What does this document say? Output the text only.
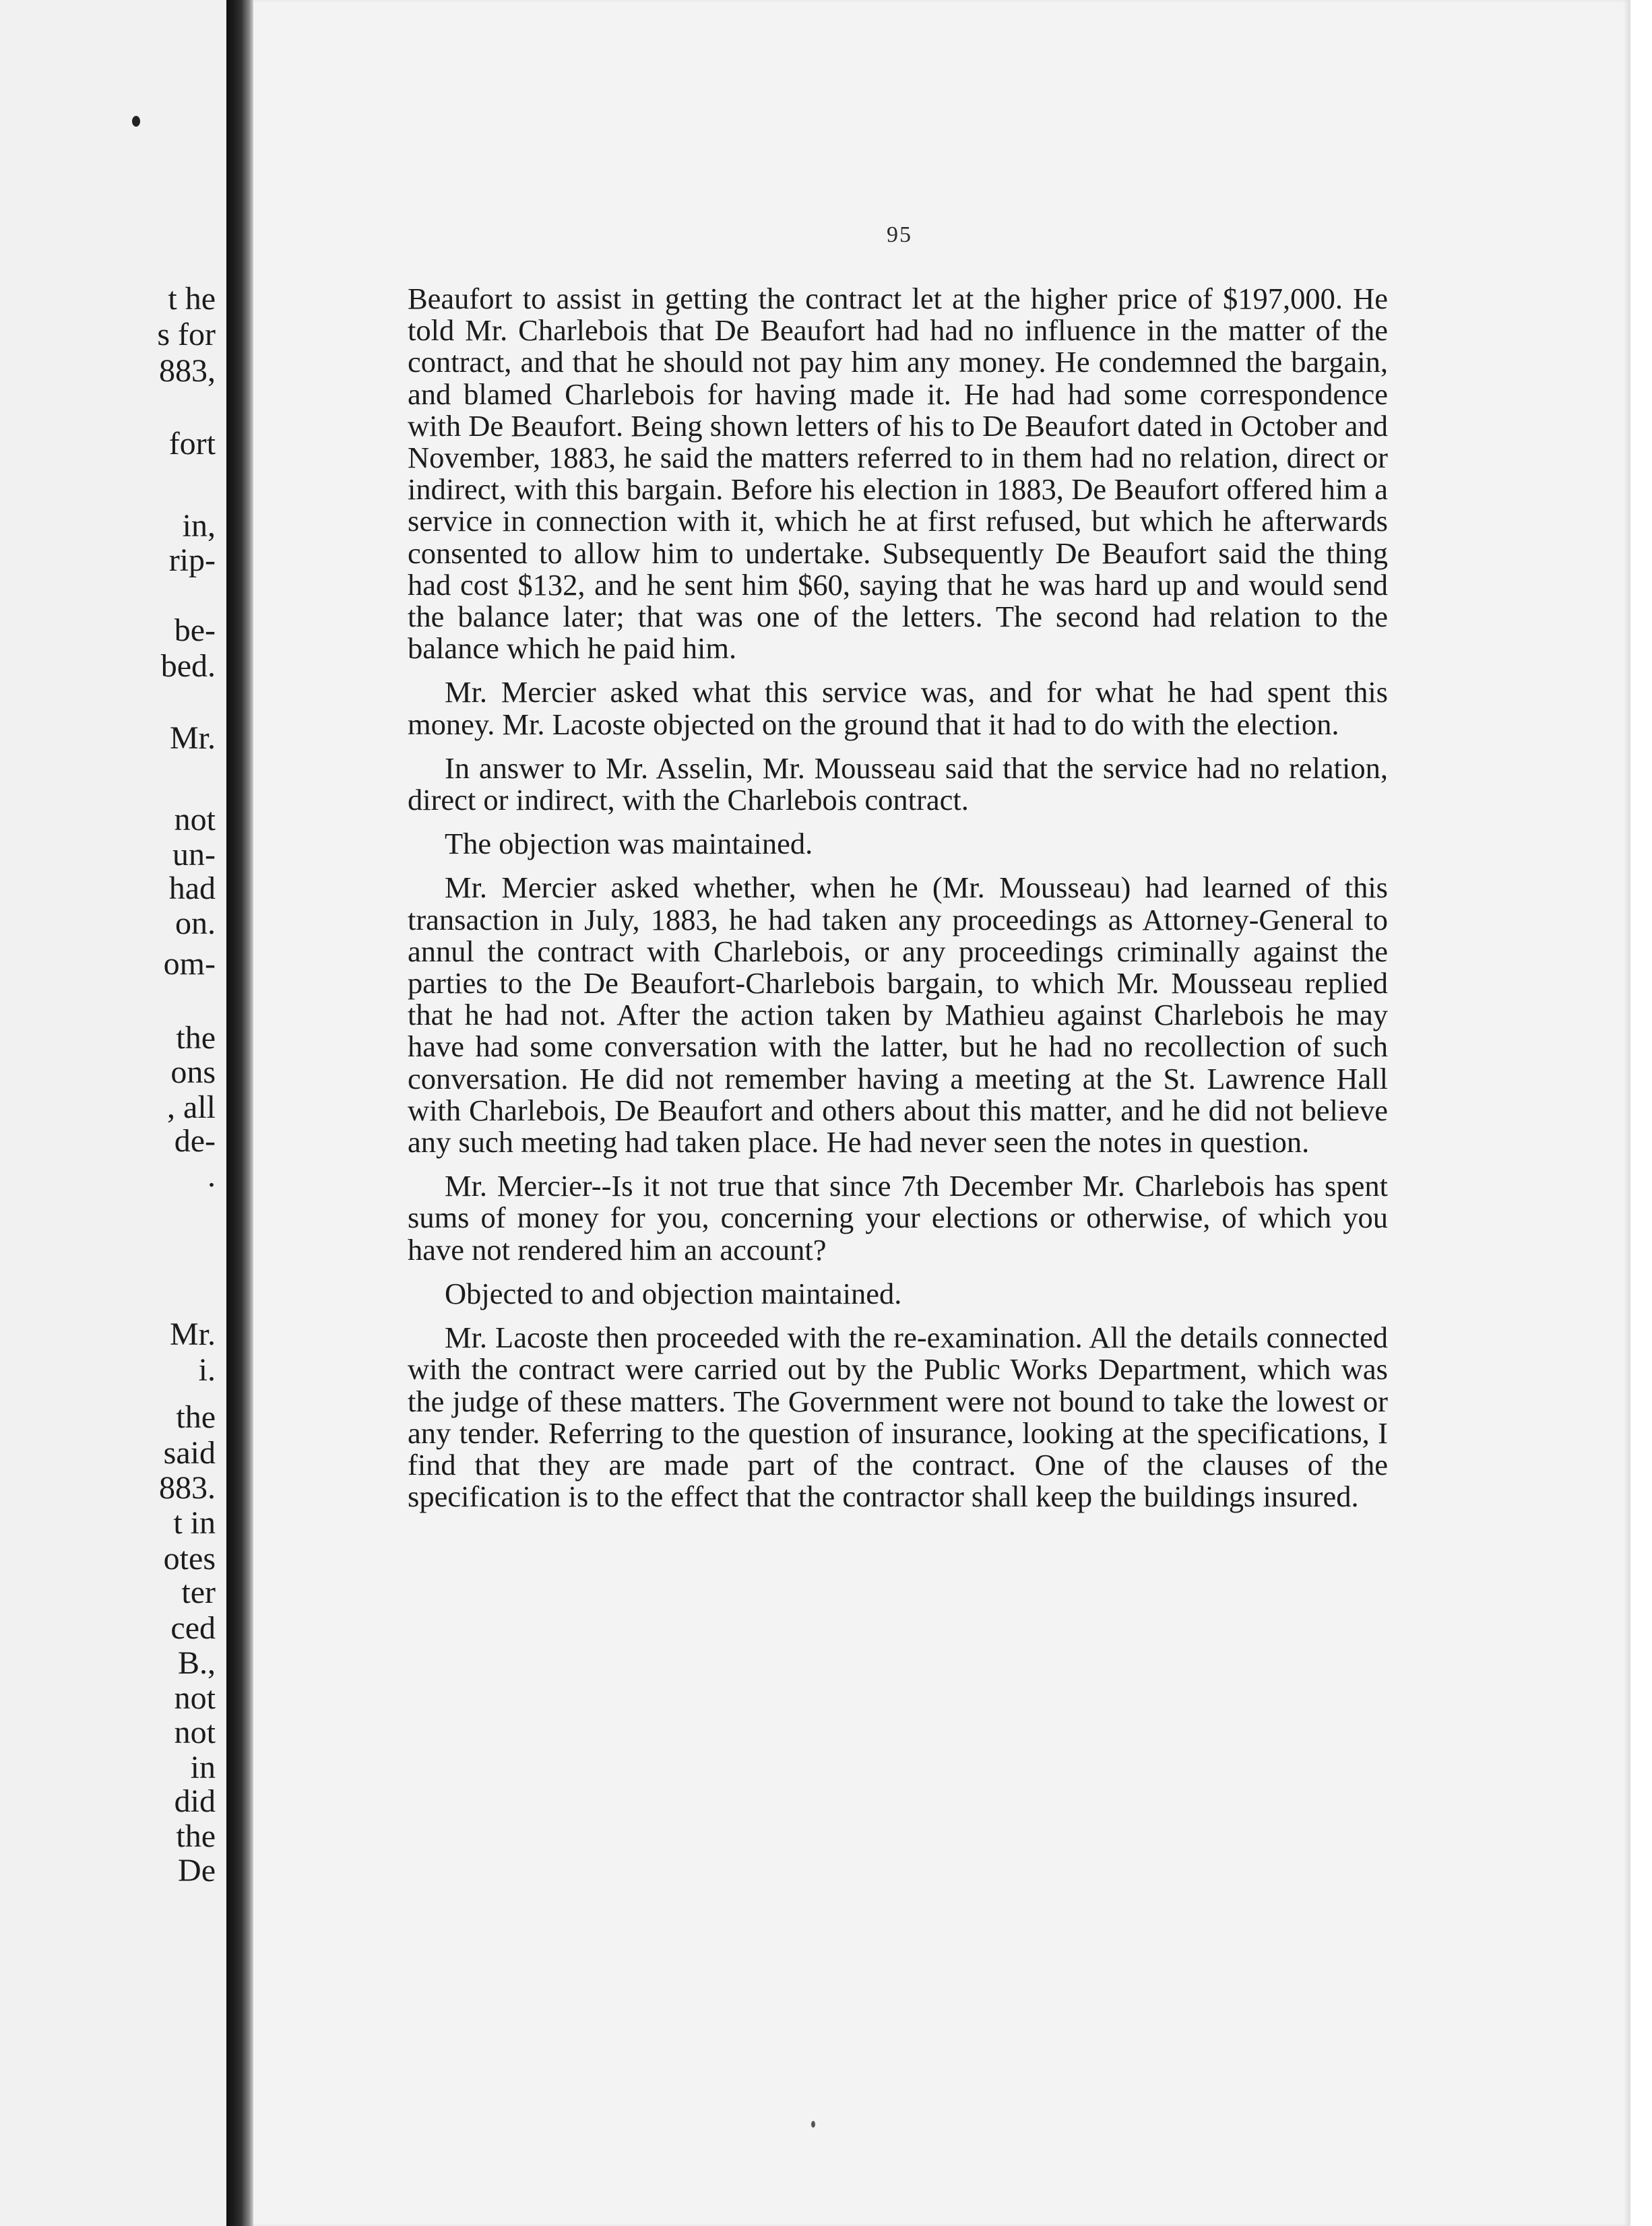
t he
s for
883,
fort
in,
rip-
be-
bed.
Mr.
not
un-
had
on.
om-
the
ons
, all
de-
.
Mr.
i.
the
said
883.
t in
otes
ter
ced
B.,
not
not
in
did
the
De
95

Beaufort to assist in getting the contract let at the higher price of $197,000. He told Mr. Charlebois that De Beaufort had had no influence in the matter of the contract, and that he should not pay him any money. He condemned the bargain, and blamed Charlebois for having made it. He had had some correspondence with De Beaufort. Being shown letters of his to De Beaufort dated in October and November, 1883, he said the matters referred to in them had no relation, direct or indirect, with this bargain. Before his election in 1883, De Beaufort offered him a service in connection with it, which he at first refused, but which he afterwards consented to allow him to undertake. Subsequently De Beaufort said the thing had cost $132, and he sent him $60, saying that he was hard up and would send the balance later; that was one of the letters. The second had relation to the balance which he paid him.

Mr. Mercier asked what this service was, and for what he had spent this money. Mr. Lacoste objected on the ground that it had to do with the election.

In answer to Mr. Asselin, Mr. Mousseau said that the service had no relation, direct or indirect, with the Charlebois contract.

The objection was maintained.

Mr. Mercier asked whether, when he (Mr. Mousseau) had learned of this transaction in July, 1883, he had taken any proceedings as Attorney-General to annul the contract with Charlebois, or any proceedings criminally against the parties to the De Beaufort-Charlebois bargain, to which Mr. Mousseau replied that he had not. After the action taken by Mathieu against Charlebois he may have had some conversation with the latter, but he had no recollection of such conversation. He did not remember having a meeting at the St. Lawrence Hall with Charlebois, De Beaufort and others about this matter, and he did not believe any such meeting had taken place. He had never seen the notes in question.

Mr. Mercier--Is it not true that since 7th December Mr. Charlebois has spent sums of money for you, concerning your elections or otherwise, of which you have not rendered him an account?

Objected to and objection maintained.

Mr. Lacoste then proceeded with the re-examination. All the details connected with the contract were carried out by the Public Works Department, which was the judge of these matters. The Government were not bound to take the lowest or any tender. Referring to the question of insurance, looking at the specifications, I find that they are made part of the contract. One of the clauses of the specification is to the effect that the contractor shall keep the buildings insured.
